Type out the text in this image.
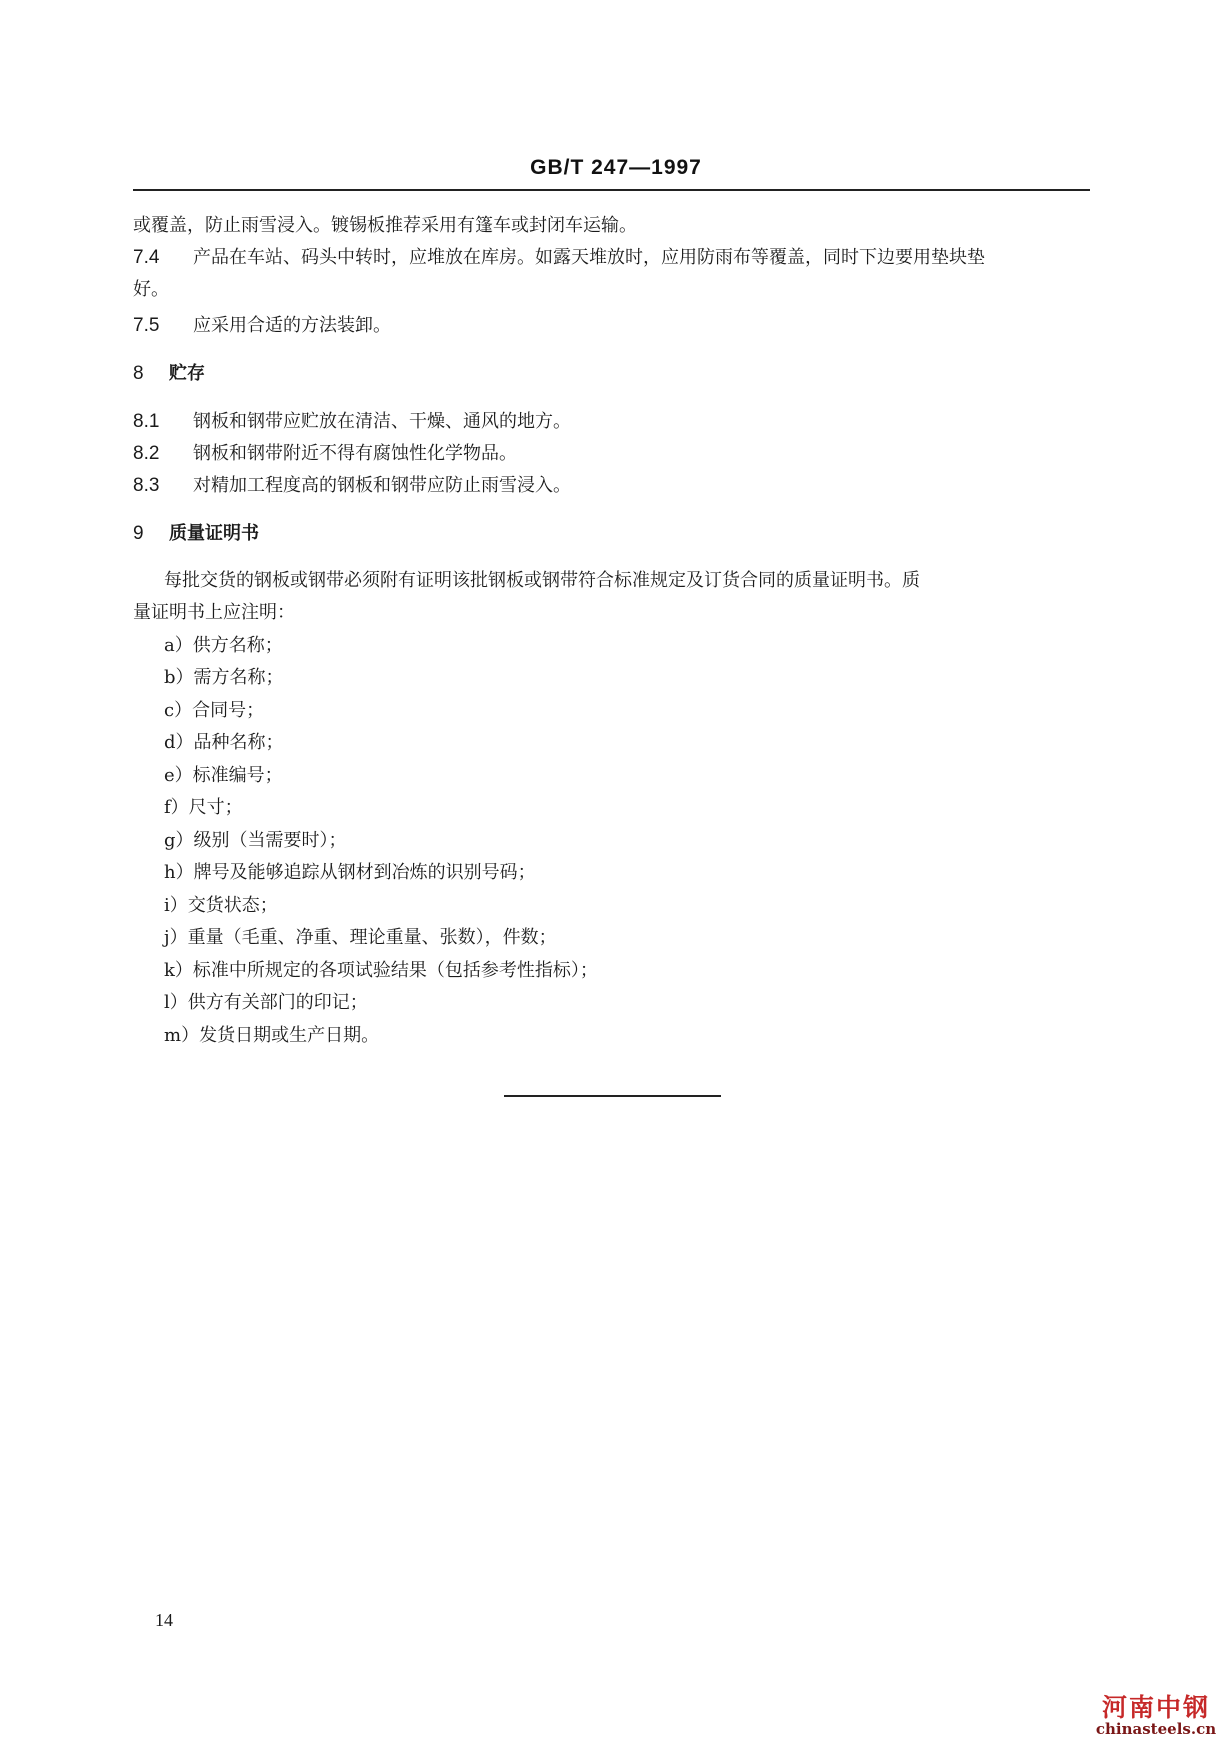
GB/T 247—1997
或覆盖，防止雨雪浸入。镀锡板推荐采用有篷车或封闭车运输。
7.4 产品在车站、码头中转时，应堆放在库房。如露天堆放时，应用防雨布等覆盖，同时下边要用垫块垫
好。
7.5 应采用合适的方法装卸。
8 贮存
8.1 钢板和钢带应贮放在清洁、干燥、通风的地方。
8.2 钢板和钢带附近不得有腐蚀性化学物品。
8.3 对精加工程度高的钢板和钢带应防止雨雪浸入。
9 质量证明书
每批交货的钢板或钢带必须附有证明该批钢板或钢带符合标准规定及订货合同的质量证明书。质
量证明书上应注明：
a）供方名称；
b）需方名称；
c）合同号；
d）品种名称；
e）标准编号；
f）尺寸；
g）级别（当需要时）；
h）牌号及能够追踪从钢材到冶炼的识别号码；
i）交货状态；
j）重量（毛重、净重、理论重量、张数），件数；
k）标准中所规定的各项试验结果（包括参考性指标）；
l）供方有关部门的印记；
m）发货日期或生产日期。
14
河南中钢
chinasteels.cn
